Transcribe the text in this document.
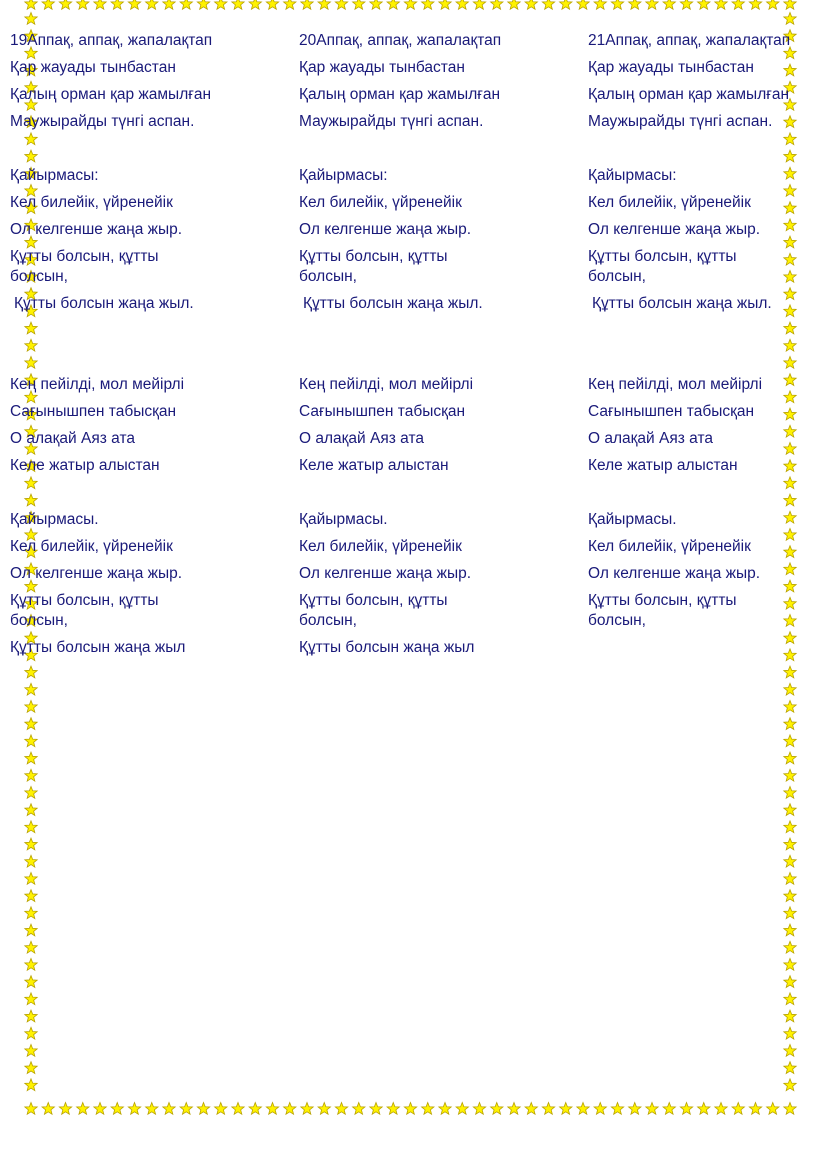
19Аппақ, аппақ, жапалақтап

Қар жауады тынбастан

Қалың орман қар жамылған

Маужырайды түнгі аспан.

Қайырмасы:

Кел билейік, үйренейік

Ол келгенше жаңа жыр.

Құтты болсын, құтты болсын,

Құтты болсын жаңа жыл.

Кең пейілді, мол мейірлі

Сағынышпен табысқан

О алақай Аяз ата

Келе жатыр алыстан

Қайырмасы.

Кел билейік, үйренейік

Ол келгенше жаңа жыр.

Құтты болсын, құтты болсын,

Құтты болсын жаңа жыл

20Аппақ, аппақ, жапалақтап

Қар жауады тынбастан

Қалың орман қар жамылған

Маужырайды түнгі аспан.

Қайырмасы:

Кел билейік, үйренейік

Ол келгенше жаңа жыр.

Құтты болсын, құтты болсын,

Құтты болсын жаңа жыл.

Кең пейілді, мол мейірлі

Сағынышпен табысқан

О алақай Аяз ата

Келе жатыр алыстан

Қайырмасы.

Кел билейік, үйренейік

Ол келгенше жаңа жыр.

Құтты болсын, құтты болсын,

Құтты болсын жаңа жыл

21Аппақ, аппақ, жапалақтап

Қар жауады тынбастан

Қалың орман қар жамылған

Маужырайды түнгі аспан.

Қайырмасы:

Кел билейік, үйренейік

Ол келгенше жаңа жыр.

Құтты болсын, құтты болсын,

Құтты болсын жаңа жыл.

Кең пейілді, мол мейірлі

Сағынышпен табысқан

О алақай Аяз ата

Келе жатыр алыстан

Қайырмасы.

Кел билейік, үйренейік

Ол келгенше жаңа жыр.

Құтты болсын, құтты болсын,
